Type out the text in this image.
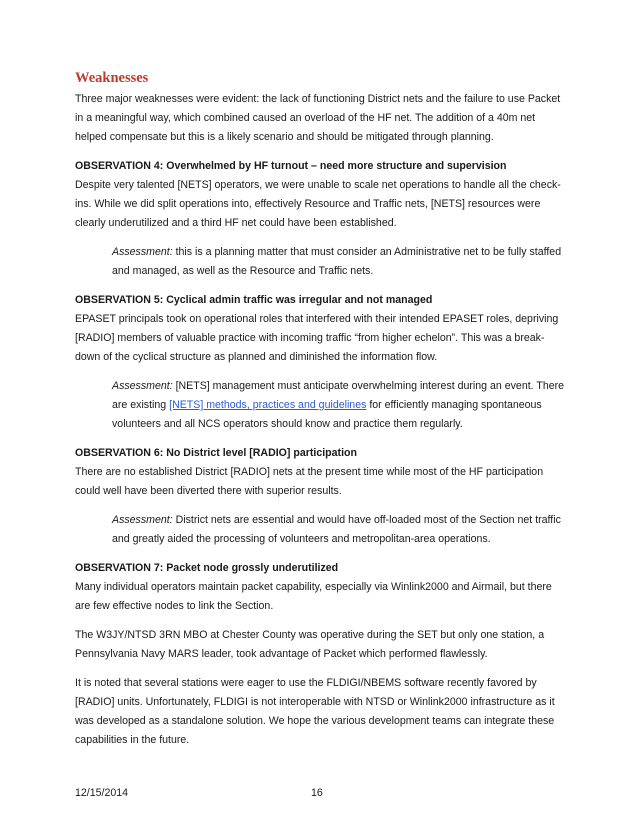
Weaknesses

Three major weaknesses were evident: the lack of functioning District nets and the failure to use Packet in a meaningful way, which combined caused an overload of the HF net. The addition of a 40m net helped compensate but this is a likely scenario and should be mitigated through planning.

OBSERVATION 4: Overwhelmed by HF turnout – need more structure and supervision

Despite very talented [NETS] operators, we were unable to scale net operations to handle all the check-ins. While we did split operations into, effectively Resource and Traffic nets, [NETS] resources were clearly underutilized and a third HF net could have been established.

Assessment: this is a planning matter that must consider an Administrative net to be fully staffed and managed, as well as the Resource and Traffic nets.

OBSERVATION 5: Cyclical admin traffic was irregular and not managed

EPASET principals took on operational roles that interfered with their intended EPASET roles, depriving [RADIO] members of valuable practice with incoming traffic “from higher echelon”. This was a break-down of the cyclical structure as planned and diminished the information flow.

Assessment: [NETS] management must anticipate overwhelming interest during an event. There are existing [NETS] methods, practices and guidelines for efficiently managing spontaneous volunteers and all NCS operators should know and practice them regularly.

OBSERVATION 6: No District level [RADIO] participation

There are no established District [RADIO] nets at the present time while most of the HF participation could well have been diverted there with superior results.

Assessment: District nets are essential and would have off-loaded most of the Section net traffic and greatly aided the processing of volunteers and metropolitan-area operations.

OBSERVATION 7: Packet node grossly underutilized

Many individual operators maintain packet capability, especially via Winlink2000 and Airmail, but there are few effective nodes to link the Section.

The W3JY/NTSD 3RN MBO at Chester County was operative during the SET but only one station, a Pennsylvania Navy MARS leader, took advantage of Packet which performed flawlessly.

It is noted that several stations were eager to use the FLDIGI/NBEMS software recently favored by [RADIO] units. Unfortunately, FLDIGI is not interoperable with NTSD or Winlink2000 infrastructure as it was developed as a standalone solution. We hope the various development teams can integrate these capabilities in the future.

12/15/2014	16
